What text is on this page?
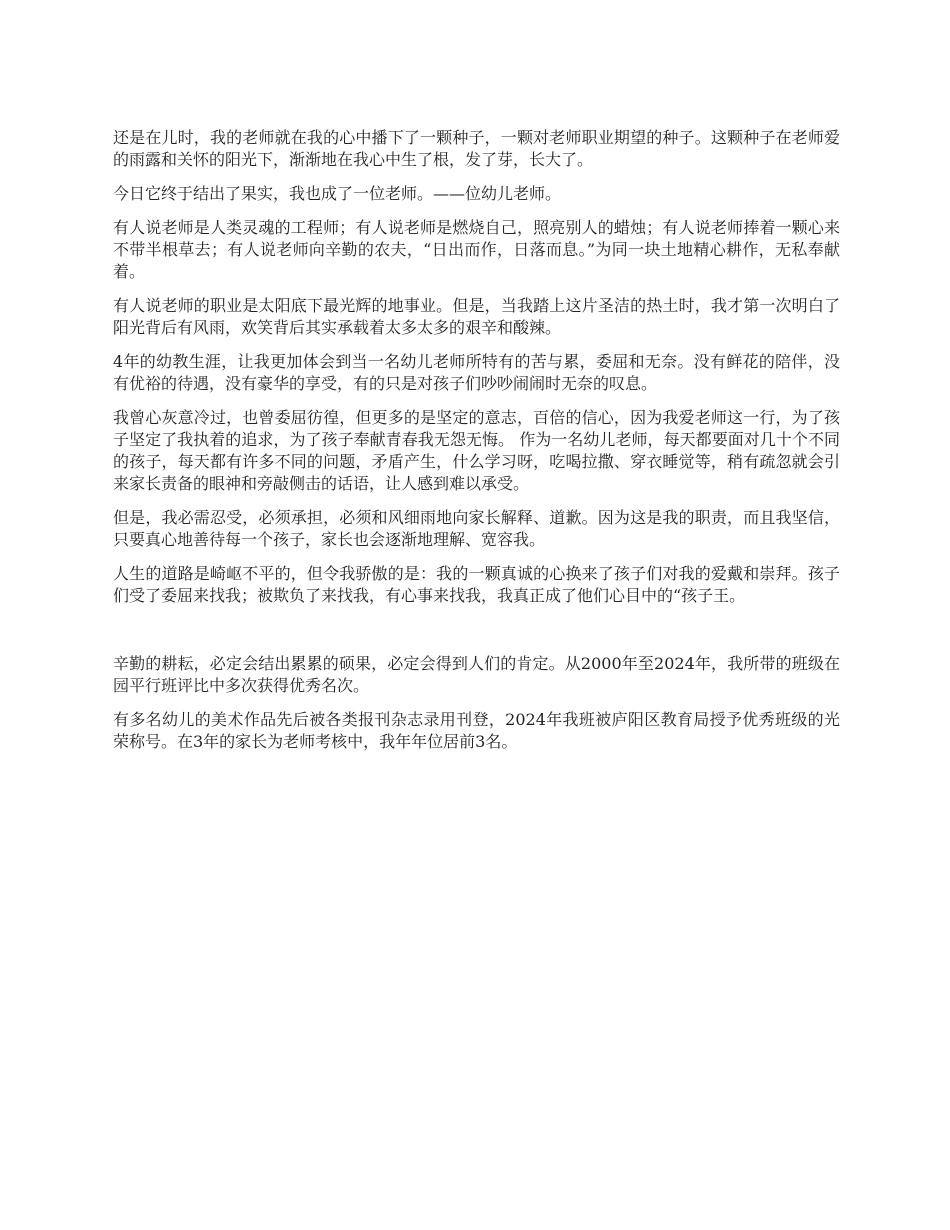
还是在儿时，我的老师就在我的心中播下了一颗种子，一颗对老师职业期望的种子。这颗种子在老师爱的雨露和关怀的阳光下，渐渐地在我心中生了根，发了芽，长大了。

今日它终于结出了果实，我也成了一位老师。——位幼儿老师。

有人说老师是人类灵魂的工程师；有人说老师是燃烧自己，照亮别人的蜡烛；有人说老师捧着一颗心来不带半根草去；有人说老师向辛勤的农夫，“日出而作，日落而息。”为同一块土地精心耕作，无私奉献着。

有人说老师的职业是太阳底下最光辉的地事业。但是，当我踏上这片圣洁的热土时，我才第一次明白了阳光背后有风雨，欢笑背后其实承载着太多太多的艰辛和酸辣。

4年的幼教生涯，让我更加体会到当一名幼儿老师所特有的苦与累，委屈和无奈。没有鲜花的陪伴，没有优裕的待遇，没有豪华的享受，有的只是对孩子们吵吵闹闹时无奈的叹息。

我曾心灰意冷过，也曾委屈彷徨，但更多的是坚定的意志，百倍的信心，因为我爱老师这一行，为了孩子坚定了我执着的追求，为了孩子奉献青春我无怨无悔。 作为一名幼儿老师，每天都要面对几十个不同的孩子，每天都有许多不同的问题，矛盾产生，什么学习呀，吃喝拉撒、穿衣睡觉等，稍有疏忽就会引来家长责备的眼神和旁敲侧击的话语，让人感到难以承受。

但是，我必需忍受，必须承担，必须和风细雨地向家长解释、道歉。因为这是我的职责，而且我坚信，只要真心地善待每一个孩子，家长也会逐渐地理解、宽容我。

人生的道路是崎岖不平的，但令我骄傲的是：我的一颗真诚的心换来了孩子们对我的爱戴和崇拜。孩子们受了委屈来找我；被欺负了来找我，有心事来找我，我真正成了他们心目中的“孩子王。

辛勤的耕耘，必定会结出累累的硕果，必定会得到人们的肯定。从2000年至2024年，我所带的班级在园平行班评比中多次获得优秀名次。

有多名幼儿的美术作品先后被各类报刊杂志录用刊登，2024年我班被庐阳区教育局授予优秀班级的光荣称号。在3年的家长为老师考核中，我年年位居前3名。
